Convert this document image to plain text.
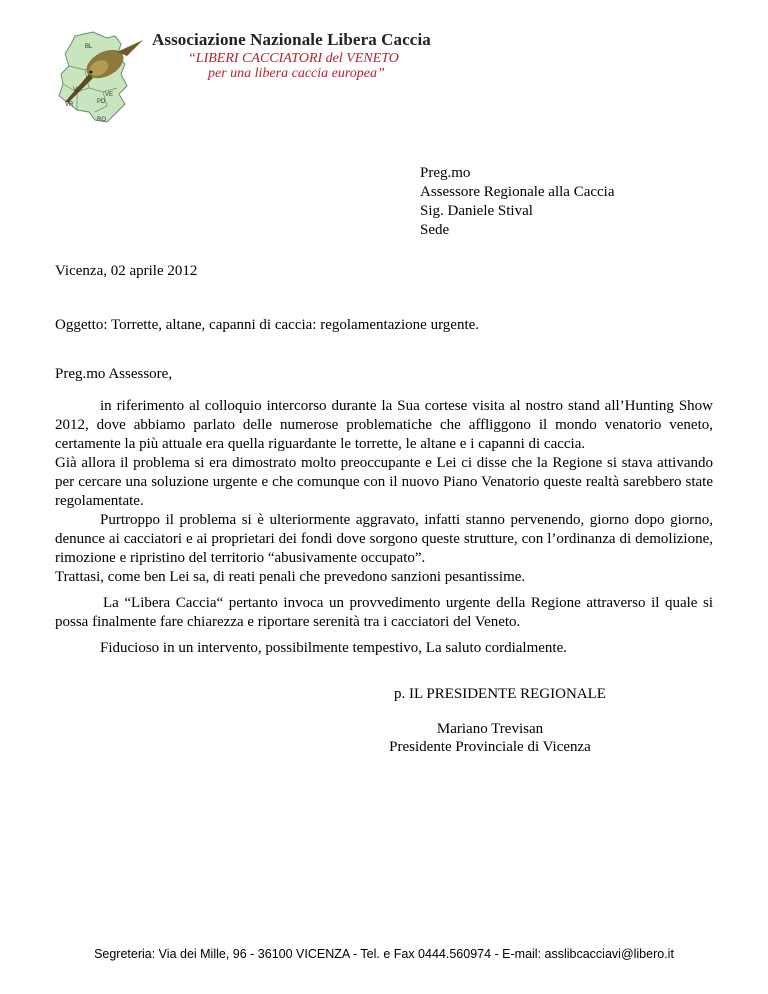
BL
VI
VE
PD
VR
RO
Associazione Nazionale Libera Caccia
“LIBERI CACCIATORI del VENETO
per una libera caccia europea”
Preg.mo
Assessore Regionale alla Caccia
Sig. Daniele Stival
Sede
Vicenza, 02 aprile 2012
Oggetto: Torrette, altane, capanni di caccia: regolamentazione urgente.
Preg.mo Assessore,
in riferimento al colloquio intercorso durante la Sua cortese visita al nostro stand all’Hunting Show 2012, dove abbiamo parlato delle numerose problematiche che affliggono il mondo venatorio veneto, certamente la più attuale era quella riguardante le torrette, le altane e i capanni di caccia.
Già allora il problema si era dimostrato molto preoccupante e Lei ci disse che la Regione si stava attivando per cercare una soluzione urgente e che comunque con il nuovo Piano Venatorio queste realtà sarebbero state regolamentate.
Purtroppo il problema si è ulteriormente aggravato, infatti stanno pervenendo, giorno dopo giorno, denunce ai cacciatori e ai proprietari dei fondi dove sorgono queste strutture, con l’ordinanza di demolizione, rimozione e ripristino del territorio “abusivamente occupato”.
Trattasi, come ben Lei sa, di reati penali che prevedono sanzioni pesantissime.
La “Libera Caccia“ pertanto invoca un provvedimento urgente della Regione attraverso il quale si possa finalmente fare chiarezza e riportare serenità tra i cacciatori del Veneto.
Fiducioso in un intervento, possibilmente tempestivo, La saluto cordialmente.
p. IL PRESIDENTE REGIONALE
Mariano Trevisan
Presidente Provinciale di Vicenza
Segreteria: Via dei Mille, 96 - 36100 VICENZA - Tel. e Fax 0444.560974 - E-mail: asslibcacciavi@libero.it
